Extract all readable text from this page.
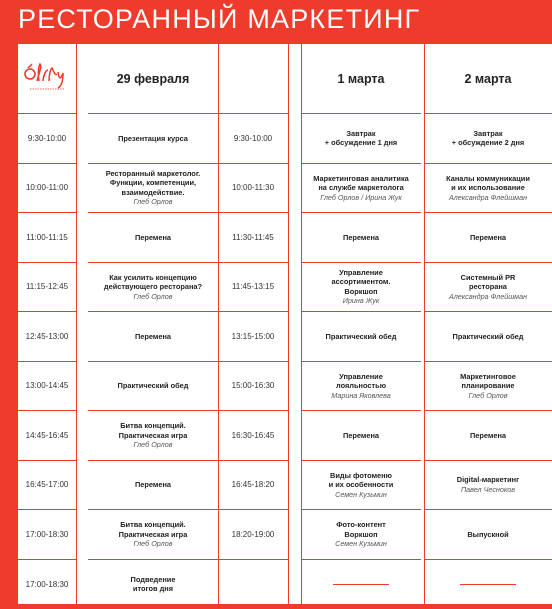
РЕСТОРАННЫЙ МАРКЕТИНГ
9:30-10:00
10:00-11:00
11:00-11:15
11:15-12:45
12:45-13:00
13:00-14:45
14:45-16:45
16:45-17:00
17:00-18:30
17:00-18:30
29 февраля
Презентация курса
Ресторанный маркетолог.
Функции, компетенции,
взаимодействие.
Глеб Орлов
Перемена
Как усилить концепцию
действующего ресторана?
Глеб Орлов
Перемена
Практический обед
Битва концепций.
Практическая игра
Глеб Орлов
Перемена
Битва концепций.
Практическая игра
Глеб Орлов
Подведение
итогов дня
9:30-10:00
10:00-11:30
11:30-11:45
11:45-13:15
13:15-15:00
15:00-16:30
16:30-16:45
16:45-18:20
18:20-19:00
1 марта
Завтрак
+ обсуждение 1 дня
Маркетинговая аналитика
на службе маркетолога
Глеб Орлов / Ирина Жук
Перемена
Управление
ассортиментом.
Воркшоп
Ирина Жук
Практический обед
Управление
лояльностью
Марина Яковлева
Перемена
Виды фотоменю
и их особенности
Семен Кузьмин
Фото-контент
Воркшоп
Семен Кузьмин
2 марта
Завтрак
+ обсуждение 2 дня
Каналы коммуникации
и их использование
Александра Флейшман
Перемена
Системный PR
ресторана
Александра Флейшман
Практический обед
Маркетинговое
планирование
Глеб Орлов
Перемена
Digital-маркетинг
Павел Чесноков
Выпускной
